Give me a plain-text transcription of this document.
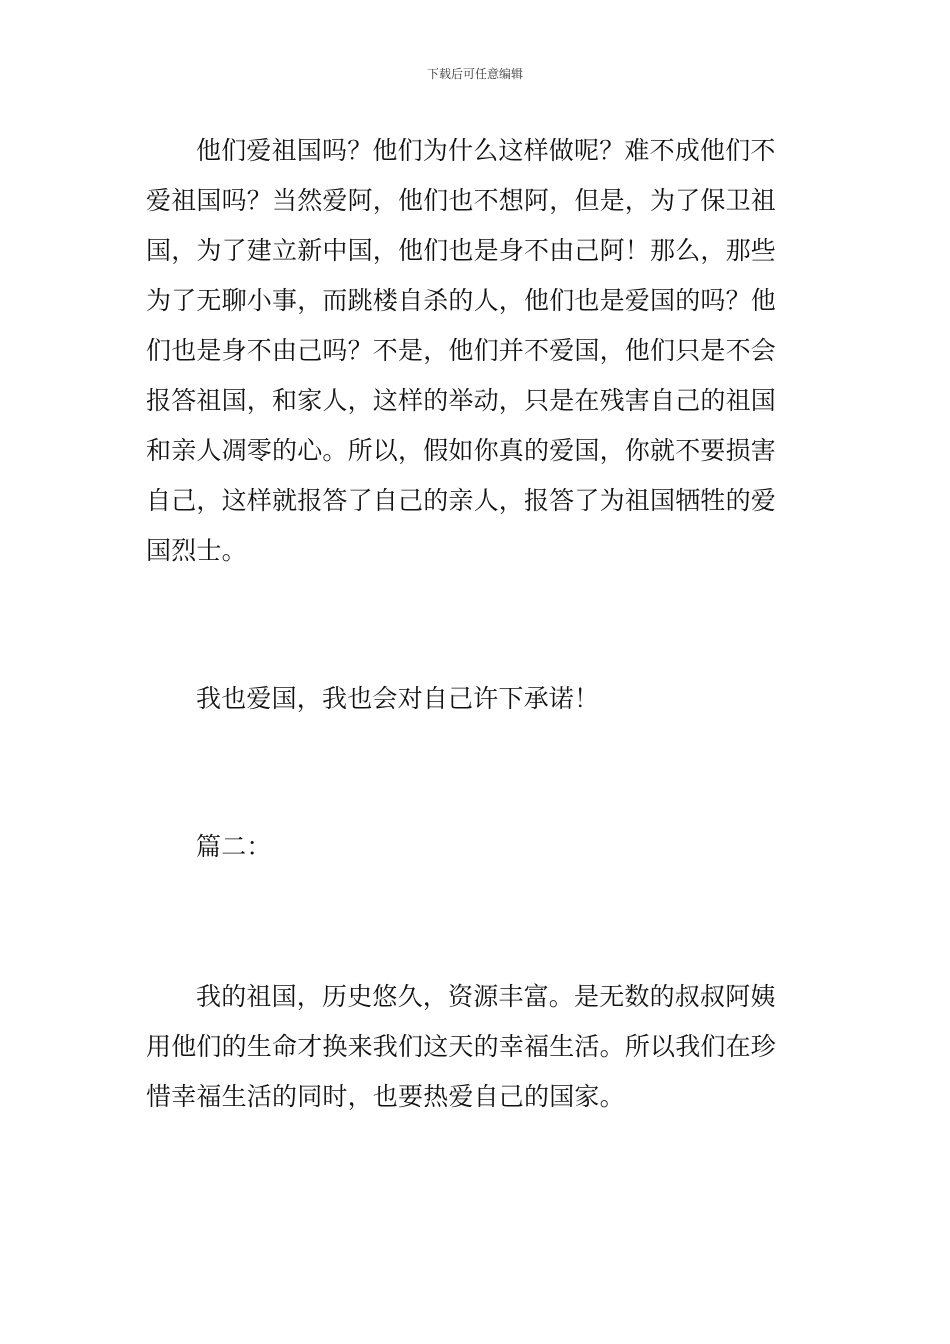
下载后可任意编辑
他们爱祖国吗？他们为什么这样做呢？难不成他们不
爱祖国吗？当然爱阿，他们也不想阿，但是，为了保卫祖
国，为了建立新中国，他们也是身不由己阿！那么，那些
为了无聊小事，而跳楼自杀的人，他们也是爱国的吗？他
们也是身不由己吗？不是，他们并不爱国，他们只是不会
报答祖国，和家人，这样的举动，只是在残害自己的祖国
和亲人凋零的心。所以，假如你真的爱国，你就不要损害
自己，这样就报答了自己的亲人，报答了为祖国牺牲的爱
国烈士。
我也爱国，我也会对自己许下承诺！
篇二：
我的祖国，历史悠久，资源丰富。是无数的叔叔阿姨
用他们的生命才换来我们这天的幸福生活。所以我们在珍
惜幸福生活的同时，也要热爱自己的国家。
